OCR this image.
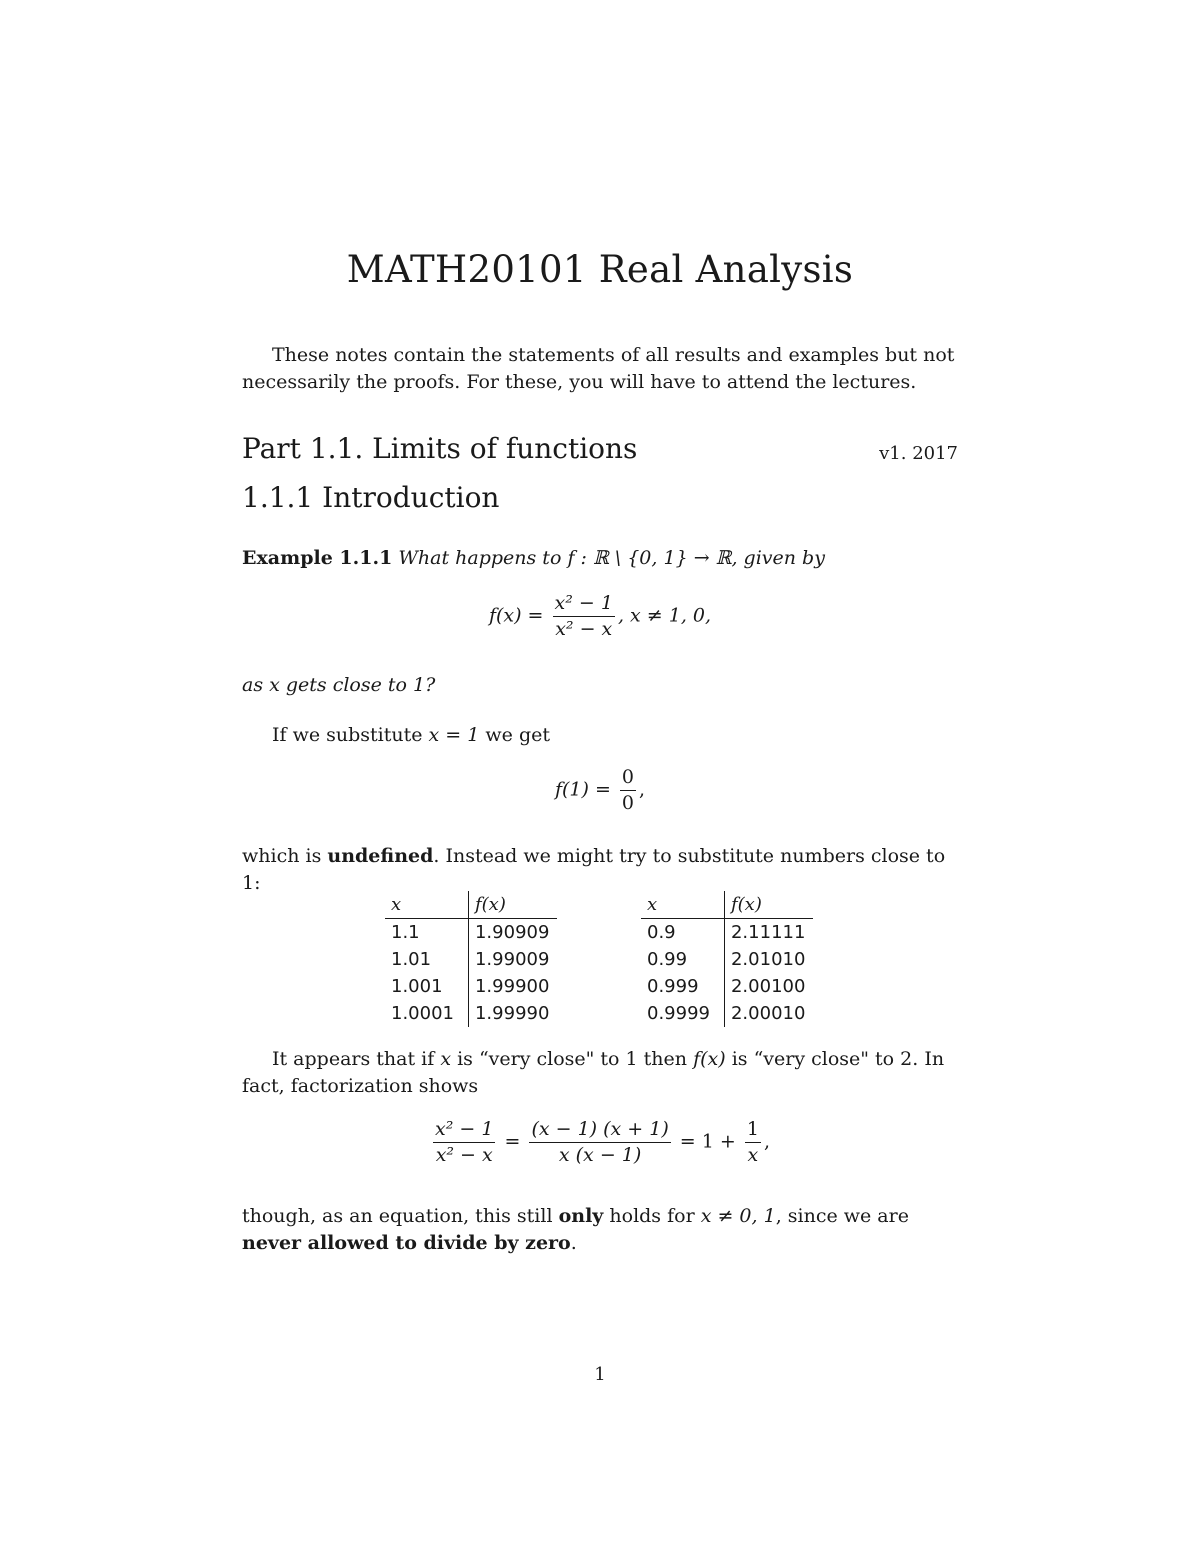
MATH20101 Real Analysis
These notes contain the statements of all results and examples but not necessarily the proofs. For these, you will have to attend the lectures.
Part 1.1. Limits of functions	v1. 2017
1.1.1 Introduction
Example 1.1.1 What happens to f : ℝ \ {0, 1} → ℝ, given by
$f(x) = \frac{\text{x² − 1}}{\text{x² − x}}$ , x ≠ 1, 0,
as x gets close to 1?
If we substitute x = 1 we get
$f(1) = \frac{0}{0}$ ,
which is undefined. Instead we might try to substitute numbers close to 1:
x	f(x)
1.1	1.90909
1.01	1.99009
1.001	1.99900
1.0001	1.99990
x	f(x)
0.9	2.11111
0.99	2.01010
0.999	2.00100
0.9999	2.00010
It appears that if x is “very close" to 1 then f(x) is “very close" to 2. In fact, factorization shows
$\frac{\text{x² − 1}}{\text{x² − x}} = \frac{(x - 1) (x + 1)}{x (x - 1)} = 1 + \frac{1}{x}$ ,
though, as an equation, this still only holds for x ≠ 0, 1, since we are never allowed to divide by zero.
1
